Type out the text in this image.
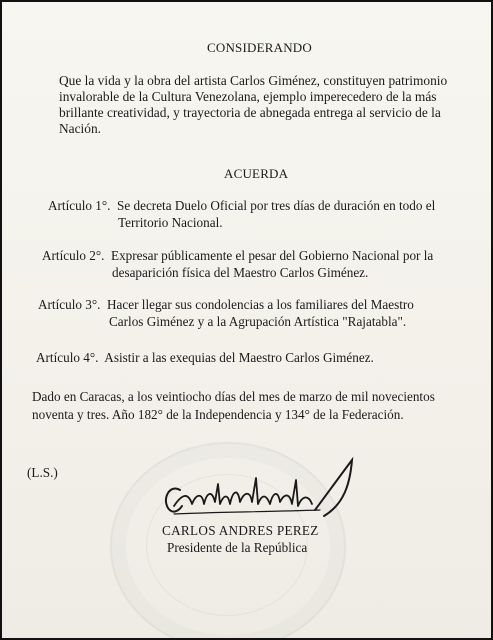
CONSIDERANDO

Que la vida y la obra del artista Carlos Giménez, constituyen patrimonio

invalorable de la Cultura Venezolana, ejemplo imperecedero de la más

brillante creatividad, y trayectoria de abnegada entrega al servicio de la

Nación.

ACUERDA

Artículo 1°. Se decreta Duelo Oficial por tres días de duración en todo el

Territorio Nacional.

Artículo 2°. Expresar públicamente el pesar del Gobierno Nacional por la

desaparición física del Maestro Carlos Giménez.

Artículo 3°. Hacer llegar sus condolencias a los familiares del Maestro

Carlos Giménez y a la Agrupación Artística "Rajatabla".

Artículo 4°. Asistir a las exequias del Maestro Carlos Giménez.

Dado en Caracas, a los veintiocho días del mes de marzo de mil novecientos

noventa y tres. Año 182° de la Independencia y 134° de la Federación.

(L.S.)

CARLOS ANDRES PEREZ

Presidente de la República
